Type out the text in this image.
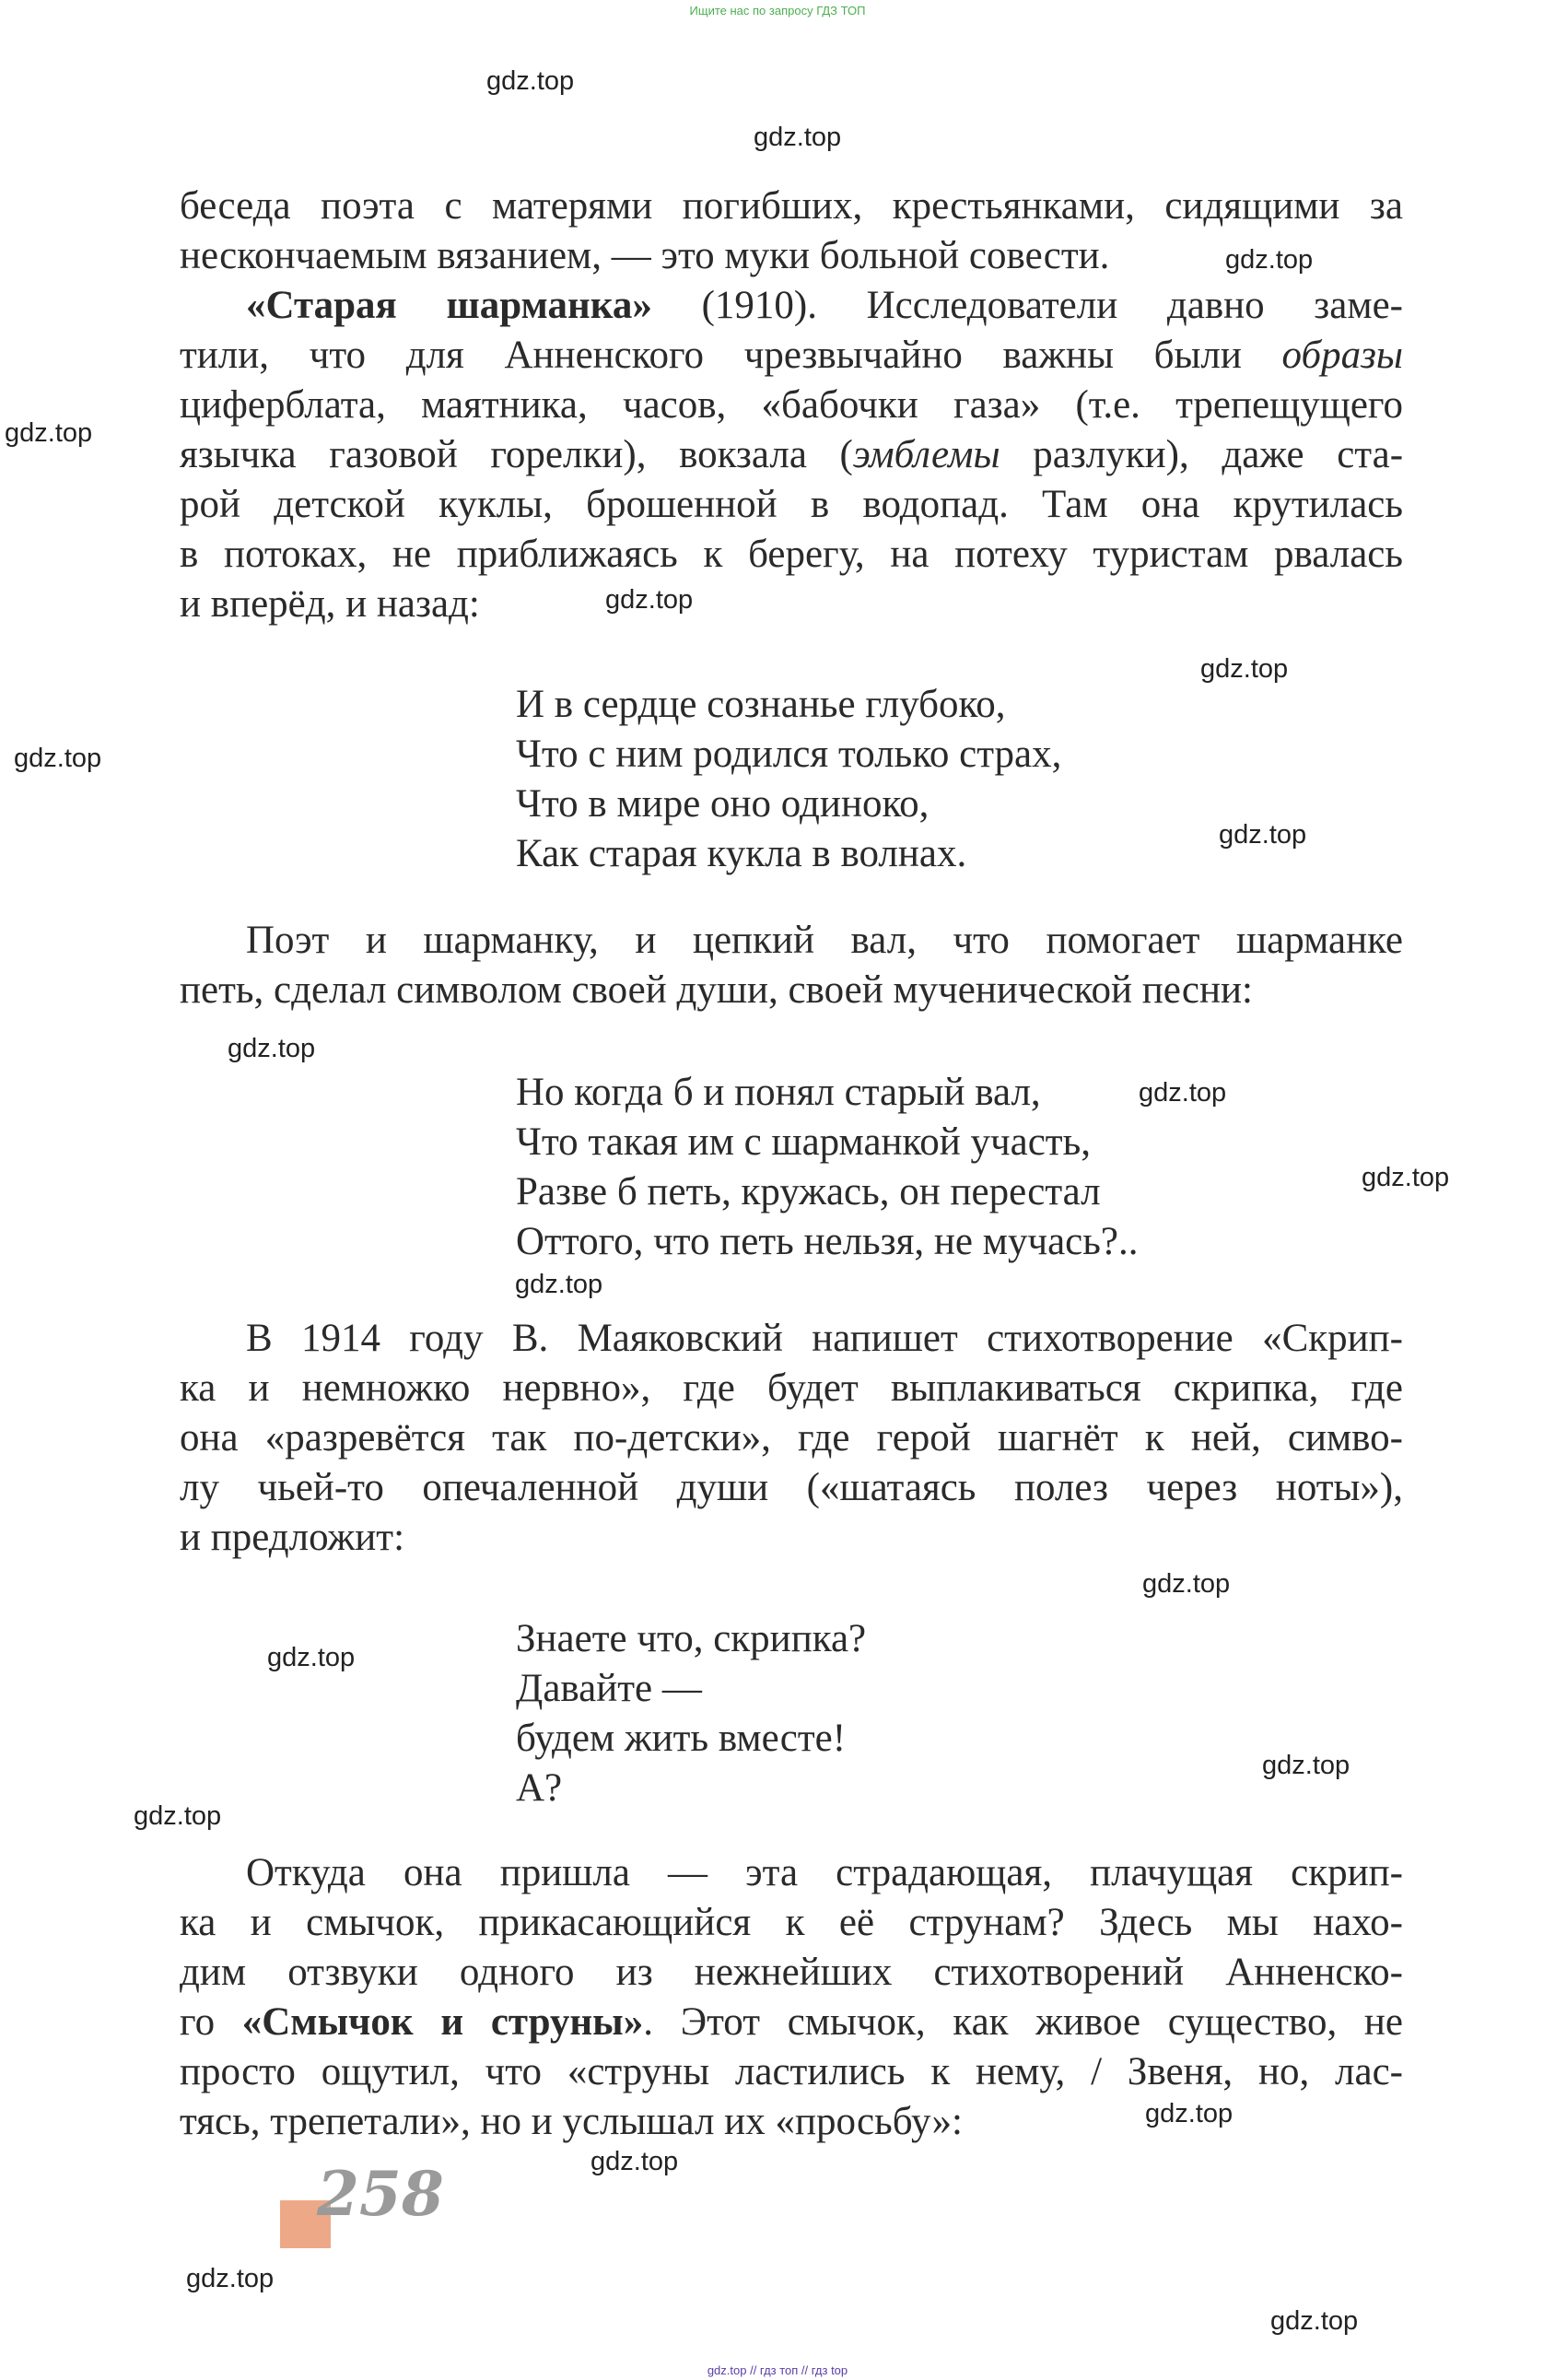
Ищите нас по запросу ГДЗ ТОП
беседа поэта с матерями погибших, крестьянками, сидящими за
нескончаемым вязанием, — это муки больной совести.
«Старая шарманка» (1910). Исследователи давно заме-
тили, что для Анненского чрезвычайно важны были образы
циферблата, маятника, часов, «бабочки газа» (т.е. трепещущего
язычка газовой горелки), вокзала (эмблемы разлуки), даже ста-
рой детской куклы, брошенной в водопад. Там она крутилась
в потоках, не приближаясь к берегу, на потеху туристам рвалась
и вперёд, и назад:
И в сердце сознанье глубоко,
Что с ним родился только страх,
Что в мире оно одиноко,
Как старая кукла в волнах.
Поэт и шарманку, и цепкий вал, что помогает шарманке
петь, сделал символом своей души, своей мученической песни:
Но когда б и понял старый вал,
Что такая им с шарманкой участь,
Разве б петь, кружась, он перестал
Оттого, что петь нельзя, не мучась?..
В 1914 году В. Маяковский напишет стихотворение «Скрип-
ка и немножко нервно», где будет выплакиваться скрипка, где
она «разревётся так по-детски», где герой шагнёт к ней, симво-
лу чьей-то опечаленной души («шатаясь полез через ноты»),
и предложит:
Знаете что, скрипка?
Давайте —
будем жить вместе!
А?
Откуда она пришла — эта страдающая, плачущая скрип-
ка и смычок, прикасающийся к её струнам? Здесь мы нахо-
дим отзвуки одного из нежнейших стихотворений Анненско-
го «Смычок и струны». Этот смычок, как живое существо, не
просто ощутил, что «струны ластились к нему, / Звеня, но, лас-
тясь, трепетали», но и услышал их «просьбу»:
258
gdz.top
gdz.top
gdz.top
gdz.top
gdz.top
gdz.top
gdz.top
gdz.top
gdz.top
gdz.top
gdz.top
gdz.top
gdz.top
gdz.top
gdz.top
gdz.top
gdz.top
gdz.top
gdz.top
gdz.top
gdz.top // гдз топ // гдз top
